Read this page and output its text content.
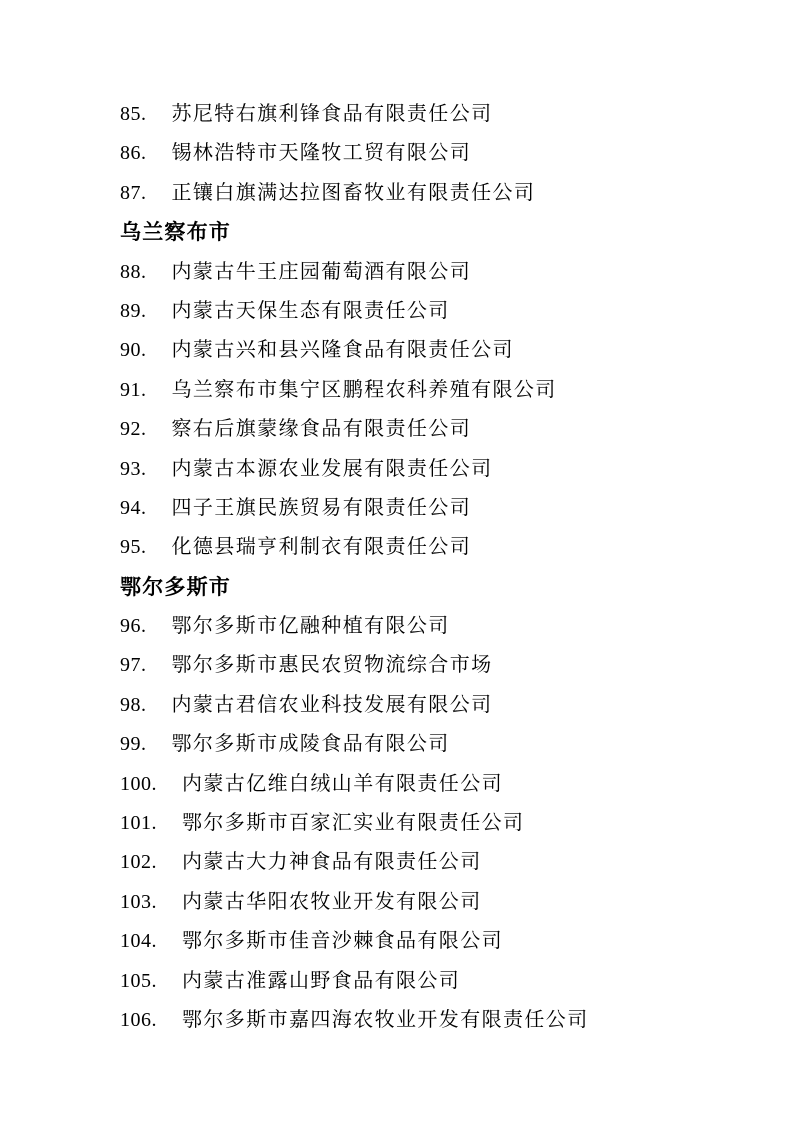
85. 苏尼特右旗利锋食品有限责任公司
86. 锡林浩特市天隆牧工贸有限公司
87. 正镶白旗满达拉图畜牧业有限责任公司
乌兰察布市
88. 内蒙古牛王庄园葡萄酒有限公司
89. 内蒙古天保生态有限责任公司
90. 内蒙古兴和县兴隆食品有限责任公司
91. 乌兰察布市集宁区鹏程农科养殖有限公司
92. 察右后旗蒙缘食品有限责任公司
93. 内蒙古本源农业发展有限责任公司
94. 四子王旗民族贸易有限责任公司
95. 化德县瑞亨利制衣有限责任公司
鄂尔多斯市
96. 鄂尔多斯市亿融种植有限公司
97. 鄂尔多斯市惠民农贸物流综合市场
98. 内蒙古君信农业科技发展有限公司
99. 鄂尔多斯市成陵食品有限公司
100. 内蒙古亿维白绒山羊有限责任公司
101. 鄂尔多斯市百家汇实业有限责任公司
102. 内蒙古大力神食品有限责任公司
103. 内蒙古华阳农牧业开发有限公司
104. 鄂尔多斯市佳音沙棘食品有限公司
105. 内蒙古准露山野食品有限公司
106. 鄂尔多斯市嘉四海农牧业开发有限责任公司
